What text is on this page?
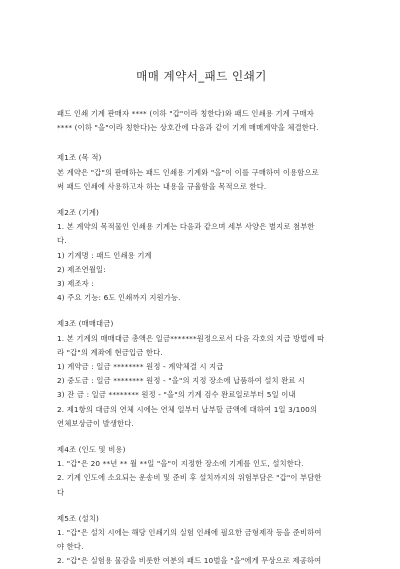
매매 계약서_패드 인쇄기

패드 인쇄 기계 판매자 **** (이하 "갑"이라 칭한다)와 패드 인쇄용 기계 구매자

**** (이하 "을"이라 칭한다)는 상호간에 다음과 같이 기계 매매계약을 체결한다.

제1조 (목 적)

본 계약은 "갑"의 판매하는 패드 인쇄용 기계와 "을"이 이를 구매하여 이용함으로

써 패드 인쇄에 사용하고자 하는 내용을 규율함을 목적으로 한다.

제2조 (기계)

1. 본 계약의 목적물인 인쇄용 기계는 다음과 같으며 세부 사양은 별지로 첨부한

다.

1) 기계명 : 패드 인쇄용 기계

2) 제조연월일:

3) 제조자 :

4) 주요 기능: 6도 인쇄까지 지원가능.

제3조 (매매대금)

1. 본 기계의 매매대금 총액은 일금*******원정으로서 다음 각호의 지급 방법에 따

라 "갑"의 계좌에 현금입금 한다.

1) 계약금 : 일금 ******** 원정 - 계약체결 시 지급

2) 중도금 : 일금 ******** 원정 - "을"의 지정 장소에 납품하여 설치 완료 시

3) 잔 금 : 일금 ******** 원정 - "을"의 기계 검수 완료일로부터 5일 이내

2. 제1항의 대금의 연체 시에는 연체 일부터 납부할 금액에 대하여 1일 3/100의

연체보상금이 발생한다.

제4조 (인도 및 비용)

1. "갑"은 20 **년 ** 월 **일 "을"이 지정한 장소에 기계를 인도, 설치한다.

2. 기계 인도에 소요되는 운송비 및 준비 후 설치까지의 위험부담은 "갑"이 부담한

다

제5조 (설치)

1. "갑"은 설치 시에는 해당 인쇄기의 실험 인쇄에 필요한 금형제작 등을 준비하여

야 한다.

2. "갑"은 실험용 물감을 비롯한 여분의 패드 10벌을 "을"에게 무상으로 제공하여
